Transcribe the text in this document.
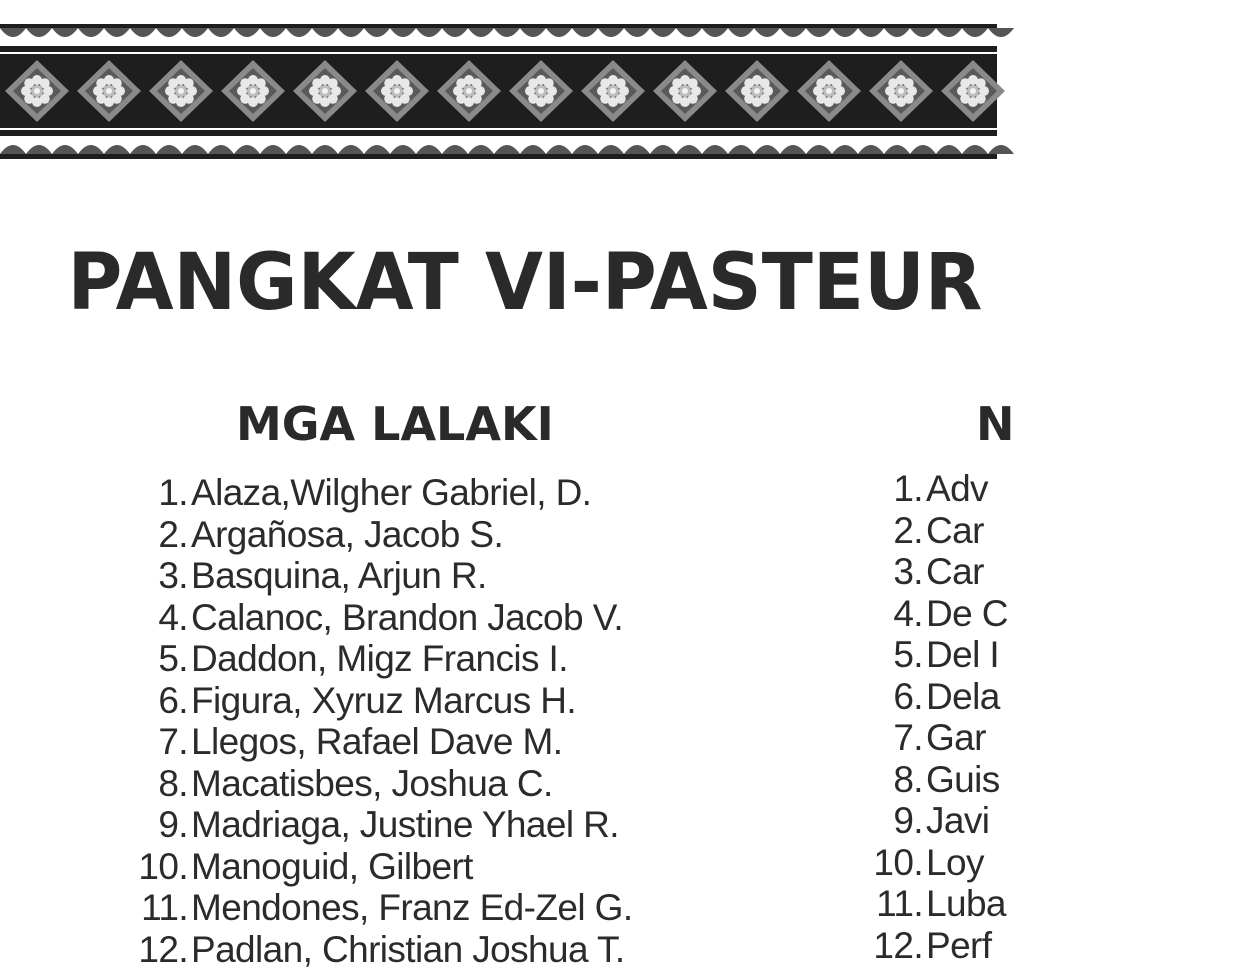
PANGKAT VI-PASTEUR
MGA LALAKI
1. Alaza,Wilgher Gabriel, D.
2. Argañosa, Jacob S.
3. Basquina, Arjun R.
4. Calanoc, Brandon Jacob V.
5. Daddon, Migz Francis I.
6. Figura, Xyruz Marcus H.
7. Llegos, Rafael Dave M.
8. Macatisbes, Joshua C.
9. Madriaga, Justine Yhael R.
10. Manoguid, Gilbert
11. Mendones, Franz Ed-Zel G.
12. Padlan, Christian Joshua T.
N
1. Adv
2. Car
3. Car
4. De C
5. Del I
6. Dela
7. Gar
8. Guis
9. Javi
10. Loy
11. Luba
12. Perf
